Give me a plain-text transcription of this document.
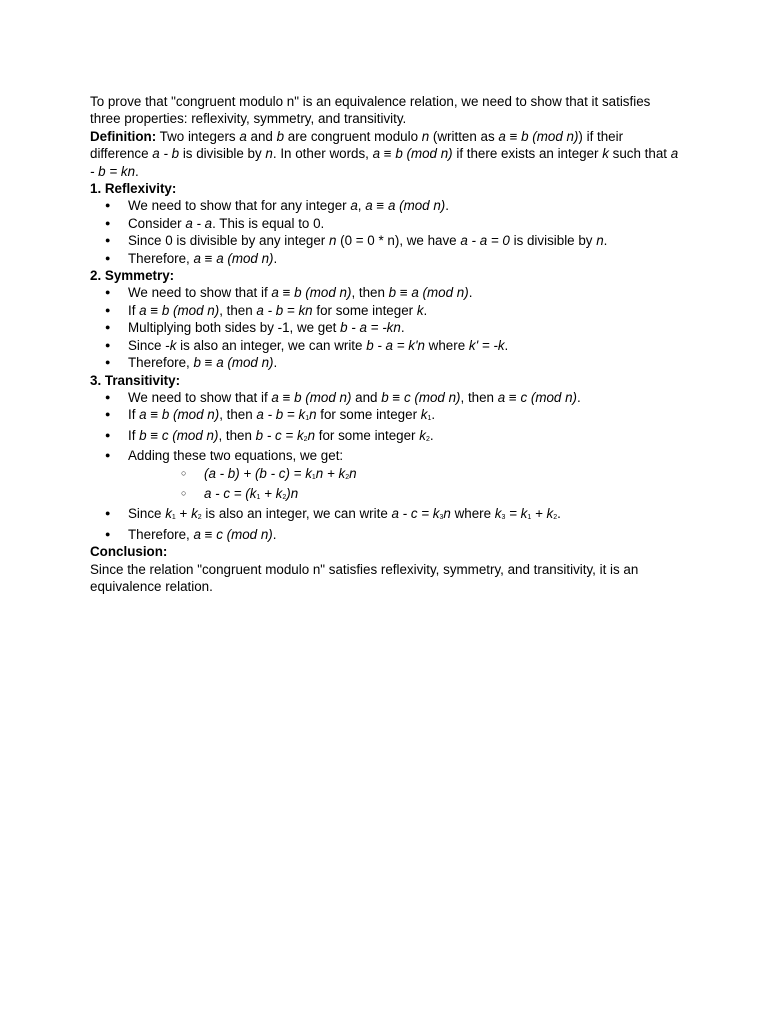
To prove that "congruent modulo n" is an equivalence relation, we need to show that it satisfies three properties: reflexivity, symmetry, and transitivity.

Definition: Two integers a and b are congruent modulo n (written as a ≡ b (mod n)) if their difference a - b is divisible by n. In other words, a ≡ b (mod n) if there exists an integer k such that a - b = kn.

1. Reflexivity:

● We need to show that for any integer a, a ≡ a (mod n).
● Consider a - a. This is equal to 0.
● Since 0 is divisible by any integer n (0 = 0 * n), we have a - a = 0 is divisible by n.
● Therefore, a ≡ a (mod n).

2. Symmetry:

● We need to show that if a ≡ b (mod n), then b ≡ a (mod n).
● If a ≡ b (mod n), then a - b = kn for some integer k.
● Multiplying both sides by -1, we get b - a = -kn.
● Since -k is also an integer, we can write b - a = k'n where k' = -k.
● Therefore, b ≡ a (mod n).

3. Transitivity:

● We need to show that if a ≡ b (mod n) and b ≡ c (mod n), then a ≡ c (mod n).
● If a ≡ b (mod n), then $a - b = k_1n$ for some integer $k_1$.
● If b ≡ c (mod n), then $b - c = k_2n$ for some integer $k_2$.
● Adding these two equations, we get:
○ $(a - b) + (b - c) = k_1n + k_2n$
○ $a - c = (k_1 + k_2)n$
● Since $k_1 + k_2$ is also an integer, we can write $a - c = k_3n$ where $k_3 = k_1 + k_2$.
● Therefore, a ≡ c (mod n).

Conclusion:

Since the relation "congruent modulo n" satisfies reflexivity, symmetry, and transitivity, it is an equivalence relation.
